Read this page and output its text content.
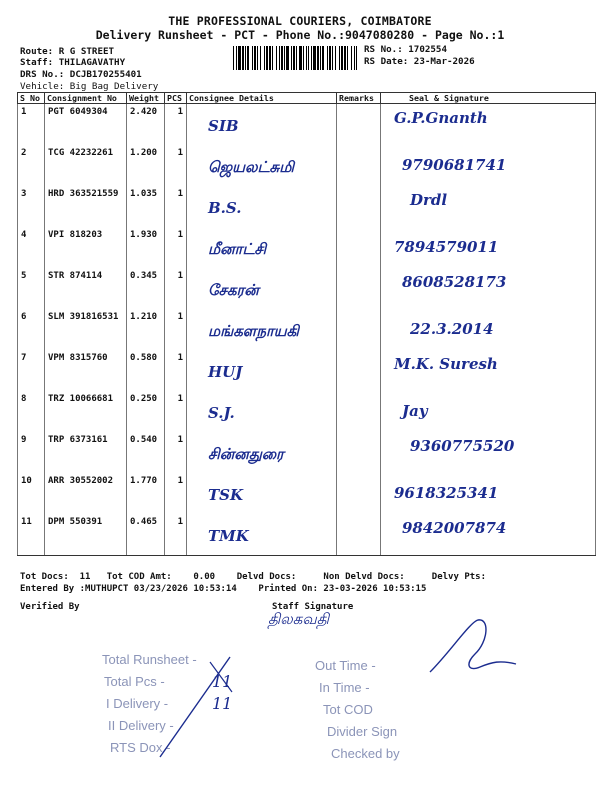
THE PROFESSIONAL COURIERS, COIMBATORE
Delivery Runsheet - PCT - Phone No.:9047080280 - Page No.:1
Route: R G STREET
Staff: THILAGAVATHY
DRS No.: DCJB170255401
Vehicle: Big Bag Delivery
RS No.: 1702554
RS Date: 23-Mar-2026
S No	Consignment No	Weight	PCS	Consignee Details	Remarks	Seal & Signature
1	PGT 6049304	2.420	1	SIB		G.P.Gnanth

2	TCG 42232261	1.200	1	ஜெயலட்சுமி		9790681741

3	HRD 363521559	1.035	1	B.S.		Drdl

4	VPI 818203	1.930	1	மீனாட்சி		7894579011

5	STR 874114	0.345	1	சேகரன்		8608528173

6	SLM 391816531	1.210	1	மங்களநாயகி		22.3.2014

7	VPM 8315760	0.580	1	HUJ		M.K. Suresh

8	TRZ 10066681	0.250	1	S.J.		Jay

9	TRP 6373161	0.540	1	சின்னதுரை		9360775520

10	ARR 30552002	1.770	1	TSK		9618325341

11	DPM 550391	0.465	1	TMK		9842007874
Tot Docs:  11   Tot COD Amt:    0.00    Delvd Docs:     Non Delvd Docs:     Delvy Pts:
Entered By :MUTHUPCT 03/23/2026 10:53:14    Printed On: 23-03-2026 10:53:15
Verified By	Staff Signature
திலகவதி
Total Runsheet -
Total Pcs -
I Delivery -
II Delivery -
RTS Dox -
Out Time -
In Time -
Tot COD
Divider Sign
Checked by
11
11
